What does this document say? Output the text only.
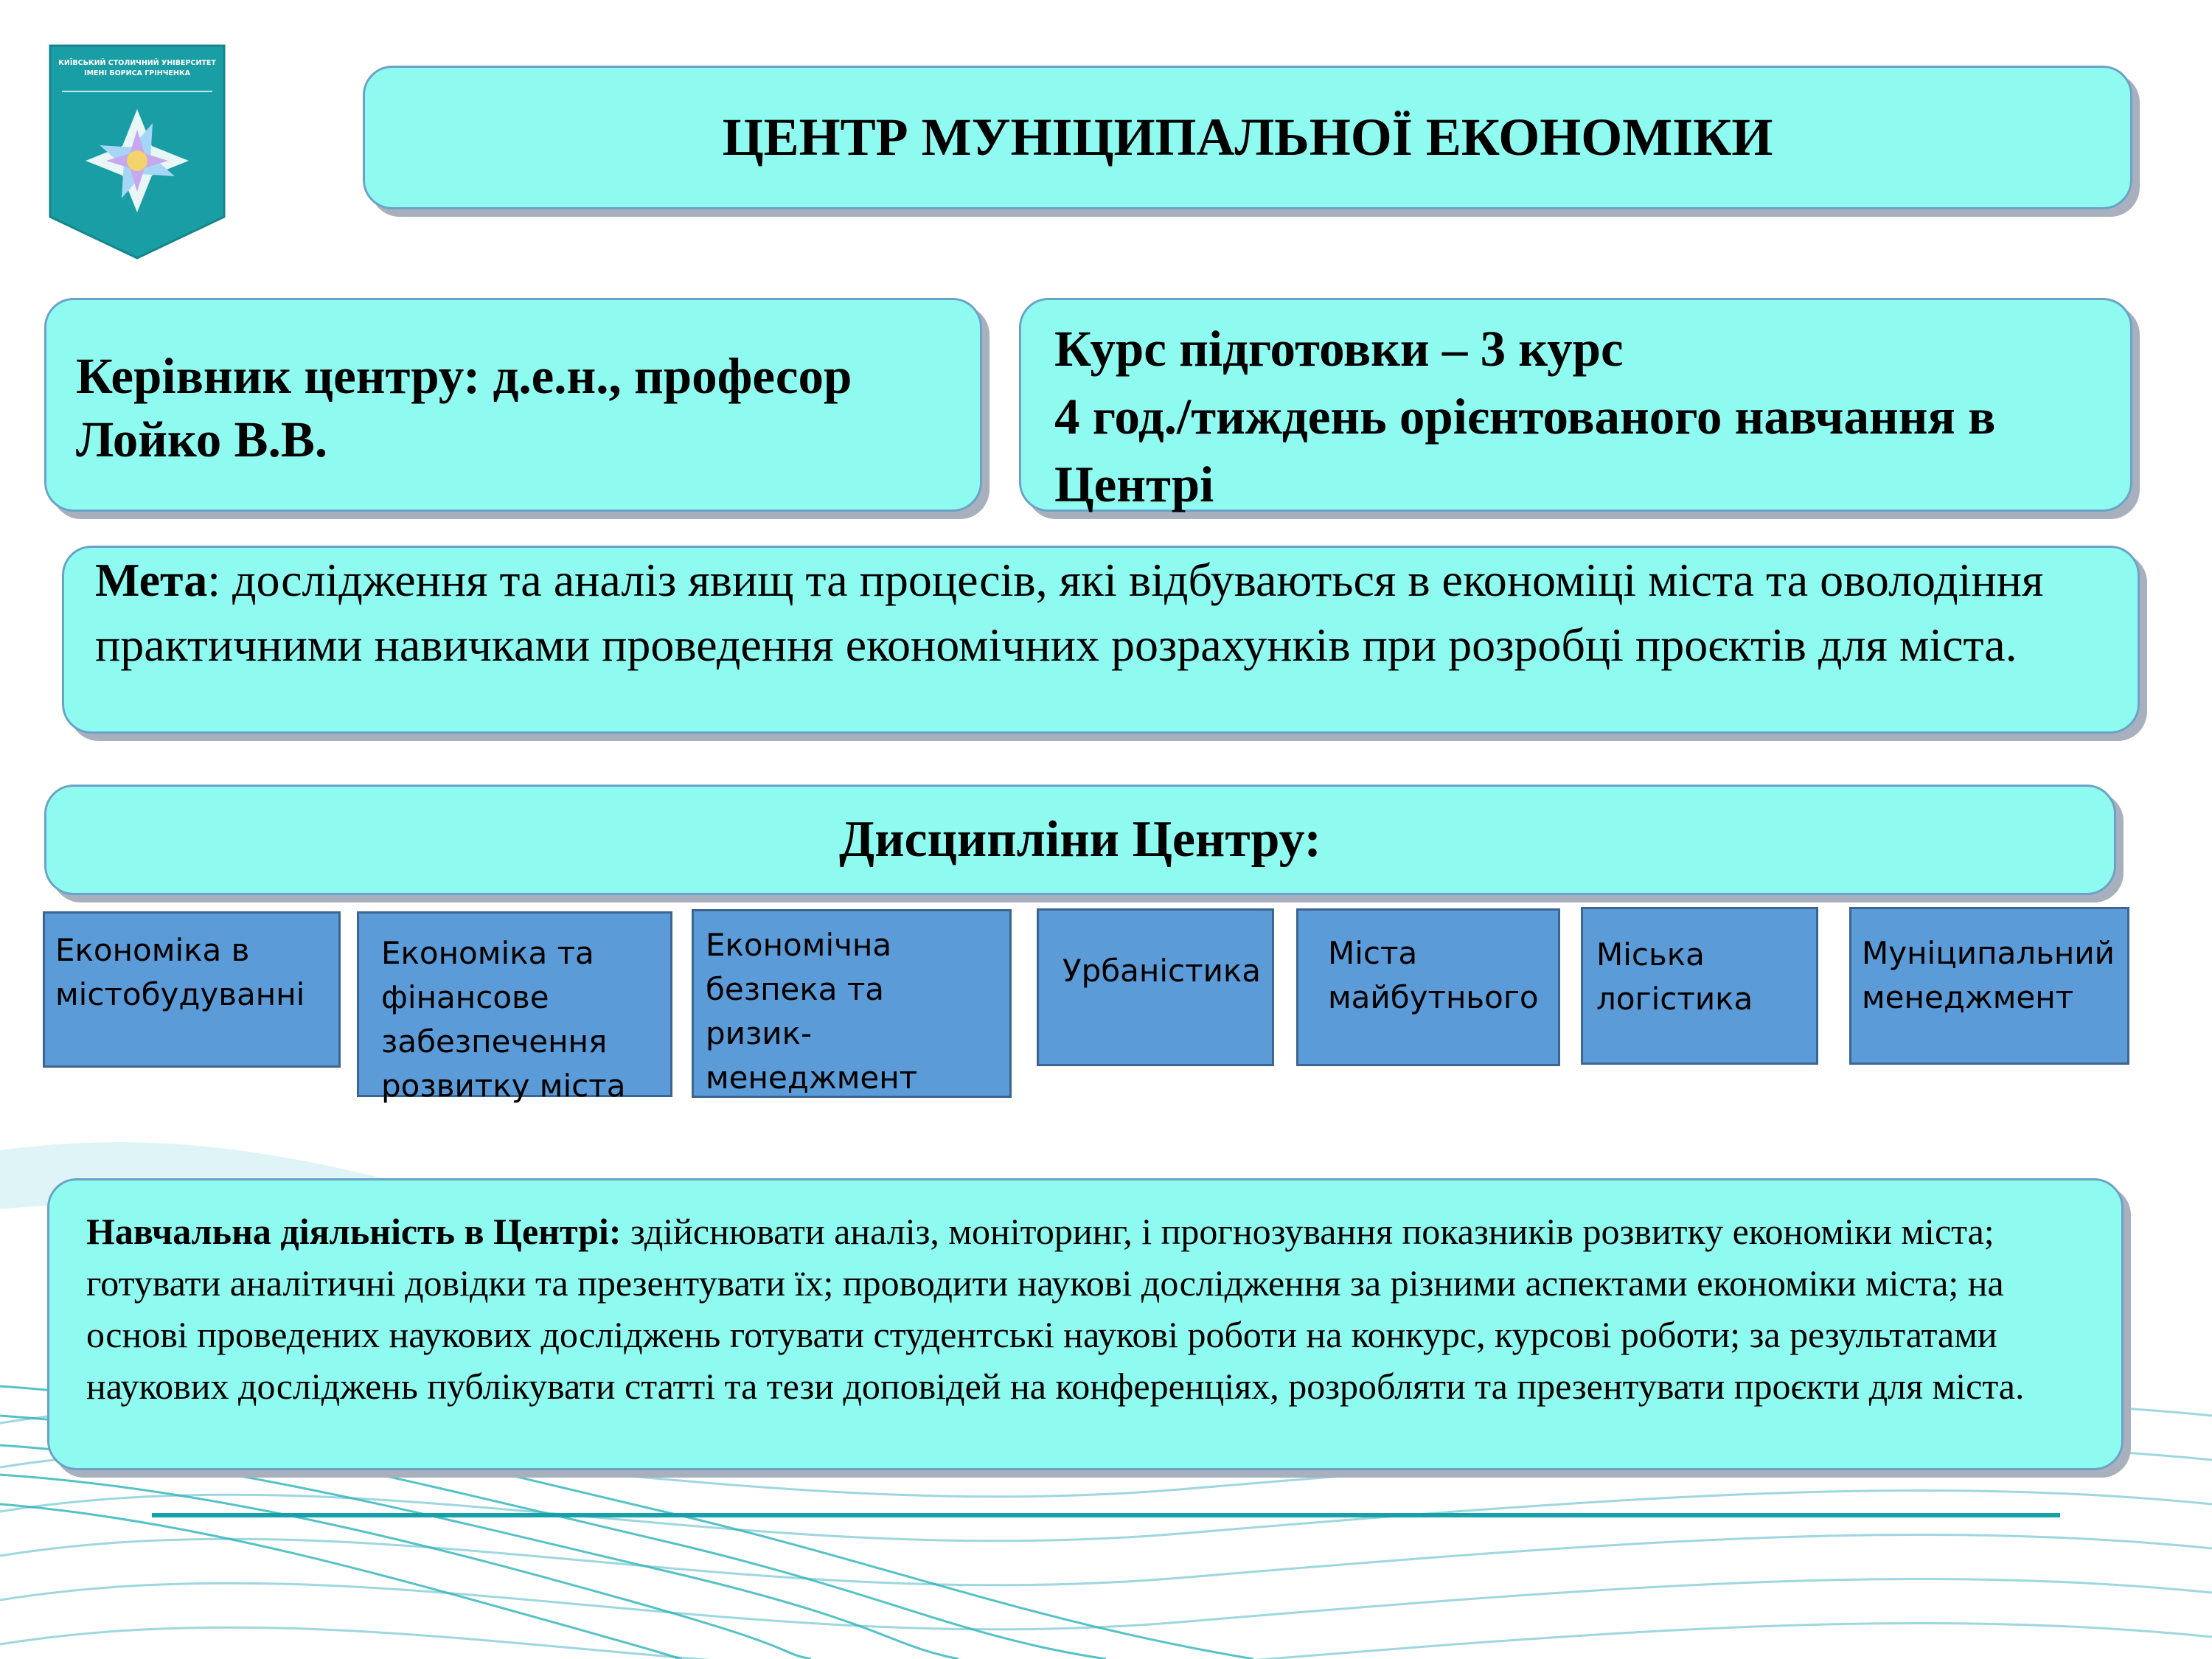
КИЇВСЬКИЙ СТОЛИЧНИЙ УНІВЕРСИТЕТ
ІМЕНІ БОРИСА ГРІНЧЕНКА
ЦЕНТР МУНІЦИПАЛЬНОЇ ЕКОНОМІКИ
Керівник центру: д.е.н., професор
Лойко В.В.
Курс підготовки – 3 курс
4 год./тиждень орієнтованого навчання в
Центрі
Мета: дослідження та аналіз явищ та процесів, які відбуваються в економіці міста та оволодіння практичними навичками проведення економічних розрахунків при розробці проєктів для міста.
Дисципліни Центру:
Економіка в
містобудуванні
Економіка та
фінансове
забезпечення
розвитку міста
Економічна
безпека та
ризик-
менеджмент
Урбаністика Міста
майбутнього
Міська
логістика
Муніципальний
менеджмент
Навчальна діяльність в Центрі: здійснювати аналіз, моніторинг, і прогнозування показників розвитку економіки міста; готувати аналітичні довідки та презентувати їх; проводити наукові дослідження за різними аспектами економіки міста; на основі проведених наукових досліджень готувати студентські наукові роботи на конкурс, курсові роботи; за результатами наукових досліджень публікувати статті та тези доповідей на конференціях, розробляти та презентувати проєкти для міста.
